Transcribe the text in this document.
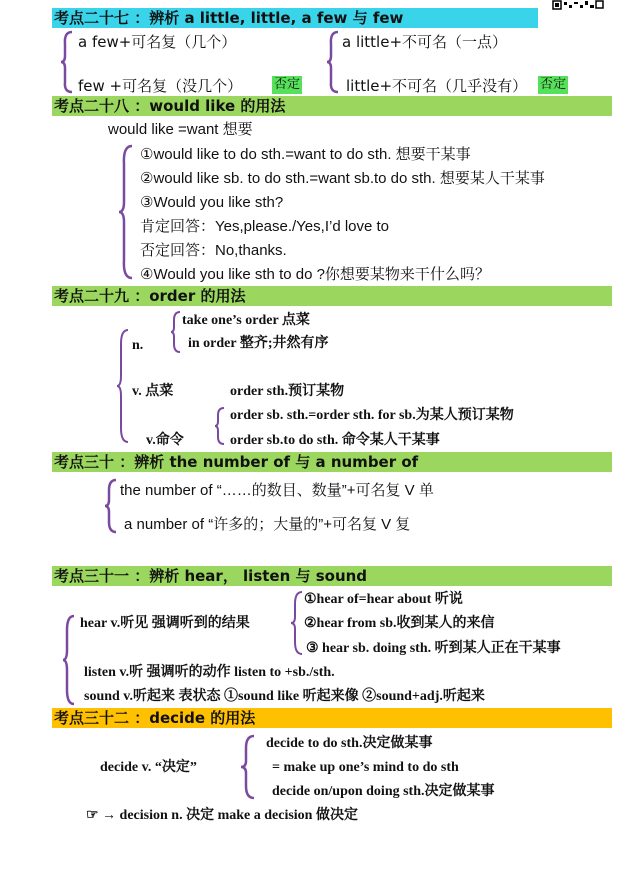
考点二十七 ：辨析 a little, little, a few 与 few
a few+可名复（几个）
few +可名复（没几个） 否定
a little+不可名（一点）
little+不可名（几乎没有） 否定
考点二十八 ：would like 的用法
would like =want 想要
①would like to do sth.=want to do sth. 想要干某事
②would like sb. to do sth.=want sb.to do sth. 想要某人干某事
③Would you like sth?
肯定回答：Yes,please./Yes,I’d love to
否定回答：No,thanks.
④Would you like sth to do ?你想要某物来干什么吗？
考点二十九 ：order 的用法
n.
take one’s order 点菜
in order 整齐;井然有序
v. 点菜	order sth.预订某物
v.命令
order sb. sth.=order sth. for sb.为某人预订某物
order sb.to do sth. 命令某人干某事
考点三十 ：辨析 the number of 与 a number of
the number of “……的数目、数量”+可名复 V 单
a number of “许多的；大量的”+可名复 V 复
考点三十一 ：辨析 hear， listen 与 sound
①hear of=hear about 听说
②hear from sb.收到某人的来信
③ hear sb. doing sth. 听到某人正在干某事
hear v.听见 强调听到的结果
listen v.听 强调听的动作 listen to +sb./sth.
sound v.听起来 表状态 ①sound like 听起来像 ②sound+adj.听起来
考点三十二 ：decide 的用法
decide v. “决定”
decide to do sth.决定做某事
= make up one’s mind to do sth
decide on/upon doing sth.决定做某事
☞ → decision n. 决定 make a decision 做决定
